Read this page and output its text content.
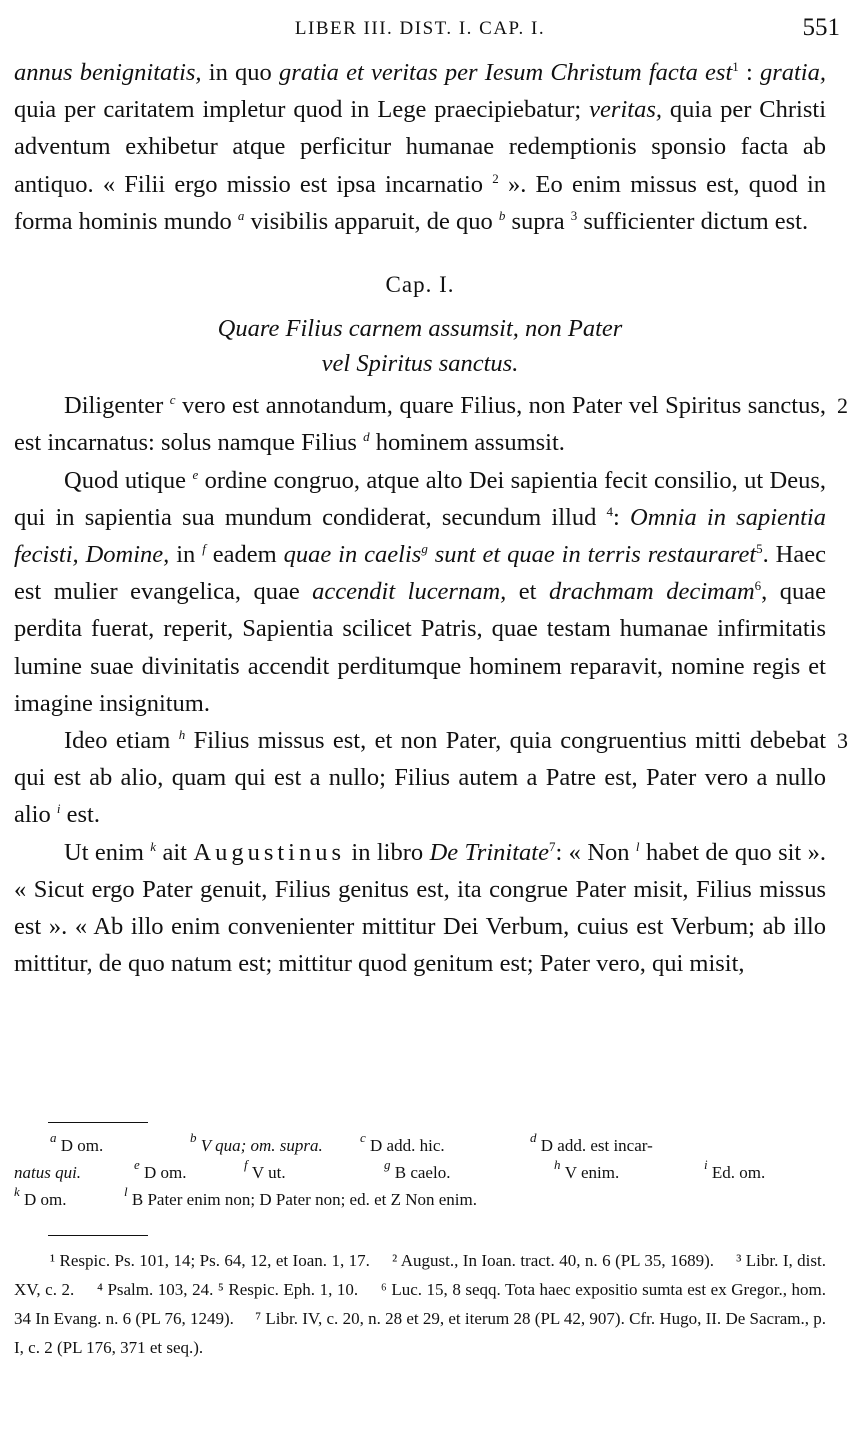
LIBER III. DIST. I. CAP. I.	551

annus benignitatis, in quo gratia et veritas per Iesum Christum facta est$^1$ : gratia, quia per caritatem impletur quod in Lege praecipiebatur; veritas, quia per Christi adventum exhibetur atque perficitur humanae redemptionis sponsio facta ab antiquo. « Filii ergo missio est ipsa incarnatio $^2$ ». Eo enim missus est, quod in forma hominis mundo $^a$ visibilis apparuit, de quo $^b$ supra $^3$ sufficienter dictum est.

Cap. I.

Quare Filius carnem assumsit, non Pater
vel Spiritus sanctus.

Diligenter $^c$ vero est annotandum, quare Filius, non Pater vel Spiritus sanctus, est incarnatus: solus namque Filius $^d$ hominem assumsit.
2

Quod utique $^e$ ordine congruo, atque alto Dei sapientia fecit consilio, ut Deus, qui in sapientia sua mundum condiderat, secundum illud $^4$: Omnia in sapientia fecisti, Domine, in $^f$ eadem quae in caelis$^g$ sunt et quae in terris restauraret$^5$. Haec est mulier evangelica, quae accendit lucernam, et drachmam decimam$^6$, quae perdita fuerat, reperit, Sapientia scilicet Patris, quae testam humanae infirmitatis lumine suae divinitatis accendit perditumque hominem reparavit, nomine regis et imagine insignitum.

Ideo etiam $^h$ Filius missus est, et non Pater, quia congruentius mitti debebat qui est ab alio, quam qui est a nullo; Filius autem a Patre est, Pater vero a nullo alio $^i$ est.
3

Ut enim $^k$ ait Augustinus in libro De Trinitate$^7$: « Non $^l$ habet de quo sit ». « Sicut ergo Pater genuit, Filius genitus est, ita congrue Pater misit, Filius missus est ». « Ab illo enim convenienter mittitur Dei Verbum, cuius est Verbum; ab illo mittitur, de quo natum est; mittitur quod genitum est; Pater vero, qui misit,

$^a$ D om.	$^b$ V qua; om. supra.	$^c$ D add. hic.	$^d$ D add. est incar-
natus qui.	$^e$ D om.	$^f$ V ut.	$^g$ B caelo.	$^h$ V enim.	$^i$ Ed. om.
$^k$ D om.	$^l$ B Pater enim non; D Pater non; ed. et Z Non enim.

¹ Respic. Ps. 101, 14; Ps. 64, 12, et Ioan. 1, 17. ² August., In Ioan. tract. 40, n. 6 (PL 35, 1689). ³ Libr. I, dist. XV, c. 2. ⁴ Psalm. 103, 24. ⁵ Respic. Eph. 1, 10. ⁶ Luc. 15, 8 seqq. Tota haec expositio sumta est ex Gregor., hom. 34 In Evang. n. 6 (PL 76, 1249). ⁷ Libr. IV, c. 20, n. 28 et 29, et iterum 28 (PL 42, 907). Cfr. Hugo, II. De Sacram., p. I, c. 2 (PL 176, 371 et seq.).
